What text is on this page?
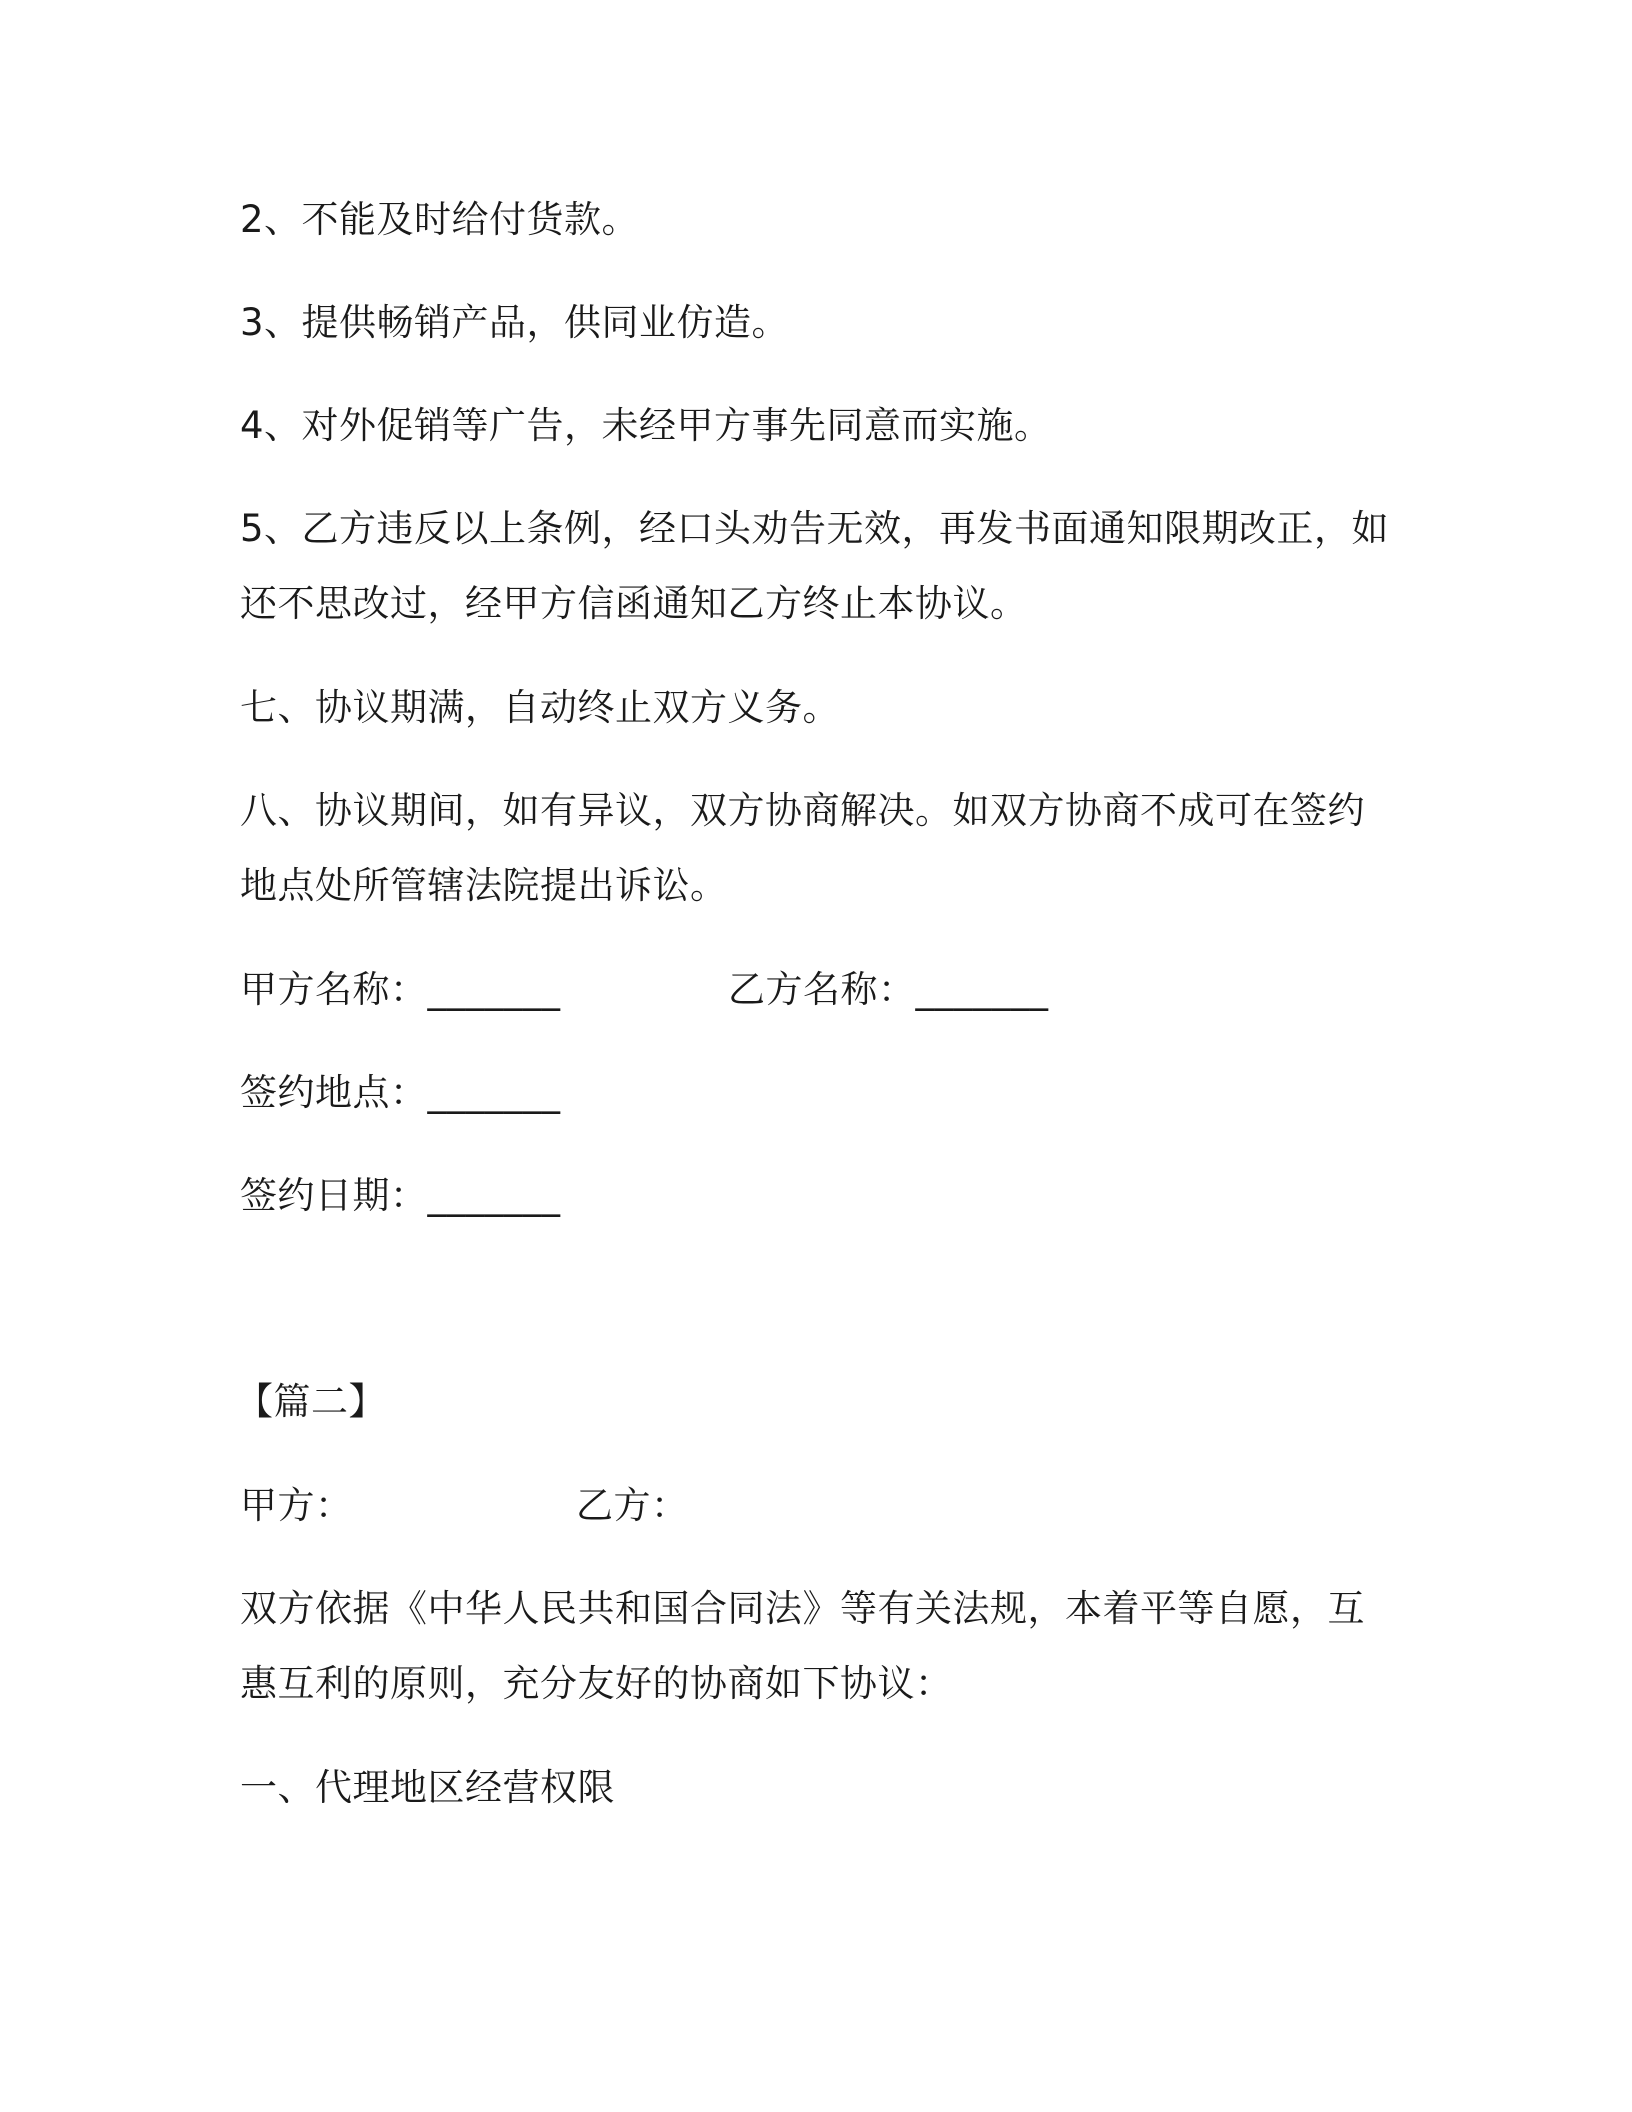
2、不能及时给付货款。
3、提供畅销产品，供同业仿造。
4、对外促销等广告，未经甲方事先同意而实施。
5、乙方违反以上条例，经口头劝告无效，再发书面通知限期改正，如
还不思改过，经甲方信函通知乙方终止本协议。
七、协议期满，自动终止双方义务。
八、协议期间，如有异议，双方协商解决。如双方协商不成可在签约
地点处所管辖法院提出诉讼。
甲方名称：_______	乙方名称：_______
签约地点：_______
签约日期：_______
【篇二】
甲方：	乙方：
双方依据《中华人民共和国合同法》等有关法规，本着平等自愿，互
惠互利的原则，充分友好的协商如下协议：
一、代理地区经营权限
